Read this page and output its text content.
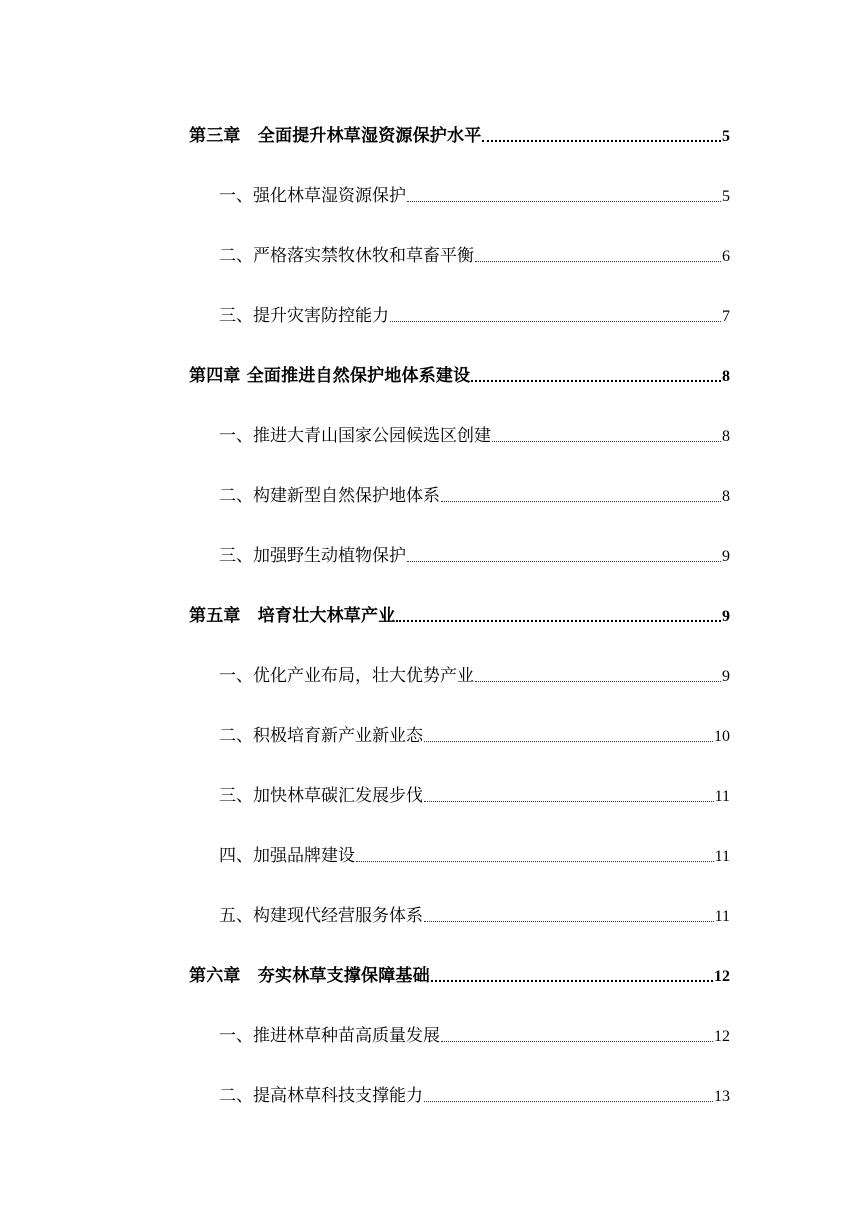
第三章　全面提升林草湿资源保护水平	5
一、强化林草湿资源保护	5
二、严格落实禁牧休牧和草畜平衡	6
三、提升灾害防控能力	7
第四章 全面推进自然保护地体系建设	8
一、推进大青山国家公园候选区创建	8
二、构建新型自然保护地体系	8
三、加强野生动植物保护	9
第五章　培育壮大林草产业	9
一、优化产业布局，壮大优势产业	9
二、积极培育新产业新业态	10
三、加快林草碳汇发展步伐	11
四、加强品牌建设	11
五、构建现代经营服务体系	11
第六章　夯实林草支撑保障基础	12
一、推进林草种苗高质量发展	12
二、提高林草科技支撑能力	13
